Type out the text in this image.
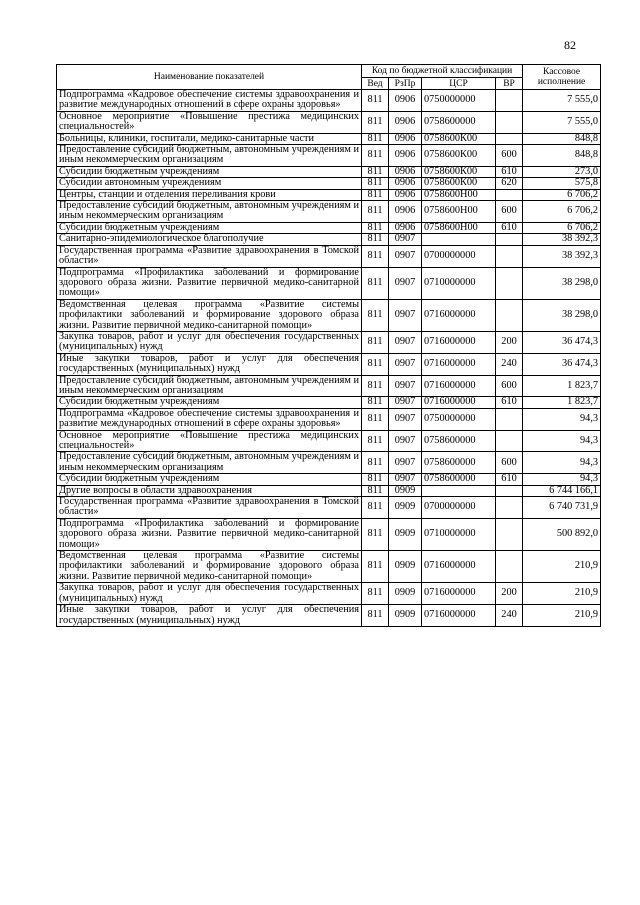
82
Наименование показателей	Код по бюджетной классификации				Кассовое исполнение
	Вед	РзПр	ЦСР	ВР	
Подпрограмма «Кадровое обеспечение системы здравоохранения и развитие международных отношений в сфере охраны здоровья»	811	0906	0750000000		7 555,0
Основное мероприятие «Повышение престижа медицинских специальностей»	811	0906	0758600000		7 555,0
Больницы, клиники, госпитали, медико-санитарные части	811	0906	0758600К00		848,8
Предоставление субсидий бюджетным, автономным учреждениям и иным некоммерческим организациям	811	0906	0758600К00	600	848,8
Субсидии бюджетным учреждениям	811	0906	0758600К00	610	273,0
Субсидии автономным учреждениям	811	0906	0758600К00	620	575,8
Центры, станции и отделения переливания крови	811	0906	0758600Н00		6 706,2
Предоставление субсидий бюджетным, автономным учреждениям и иным некоммерческим организациям	811	0906	0758600Н00	600	6 706,2
Субсидии бюджетным учреждениям	811	0906	0758600Н00	610	6 706,2
Санитарно-эпидемиологическое благополучие	811	0907			38 392,3
Государственная программа «Развитие здравоохранения в Томской области»	811	0907	0700000000		38 392,3
Подпрограмма «Профилактика заболеваний и формирование здорового образа жизни. Развитие первичной медико-санитарной помощи»	811	0907	0710000000		38 298,0
Ведомственная целевая программа «Развитие системы профилактики заболеваний и формирование здорового образа жизни. Развитие первичной медико-санитарной помощи»	811	0907	0716000000		38 298,0
Закупка товаров, работ и услуг для обеспечения государственных (муниципальных) нужд	811	0907	0716000000	200	36 474,3
Иные закупки товаров, работ и услуг для обеспечения государственных (муниципальных) нужд	811	0907	0716000000	240	36 474,3
Предоставление субсидий бюджетным, автономным учреждениям и иным некоммерческим организациям	811	0907	0716000000	600	1 823,7
Субсидии бюджетным учреждениям	811	0907	0716000000	610	1 823,7
Подпрограмма «Кадровое обеспечение системы здравоохранения и развитие международных отношений в сфере охраны здоровья»	811	0907	0750000000		94,3
Основное мероприятие «Повышение престижа медицинских специальностей»	811	0907	0758600000		94,3
Предоставление субсидий бюджетным, автономным учреждениям и иным некоммерческим организациям	811	0907	0758600000	600	94,3
Субсидии бюджетным учреждениям	811	0907	0758600000	610	94,3
Другие вопросы в области здравоохранения	811	0909			6 744 166,1
Государственная программа «Развитие здравоохранения в Томской области»	811	0909	0700000000		6 740 731,9
Подпрограмма «Профилактика заболеваний и формирование здорового образа жизни. Развитие первичной медико-санитарной помощи»	811	0909	0710000000		500 892,0
Ведомственная целевая программа «Развитие системы профилактики заболеваний и формирование здорового образа жизни. Развитие первичной медико-санитарной помощи»	811	0909	0716000000		210,9
Закупка товаров, работ и услуг для обеспечения государственных (муниципальных) нужд	811	0909	0716000000	200	210,9
Иные закупки товаров, работ и услуг для обеспечения государственных (муниципальных) нужд	811	0909	0716000000	240	210,9
